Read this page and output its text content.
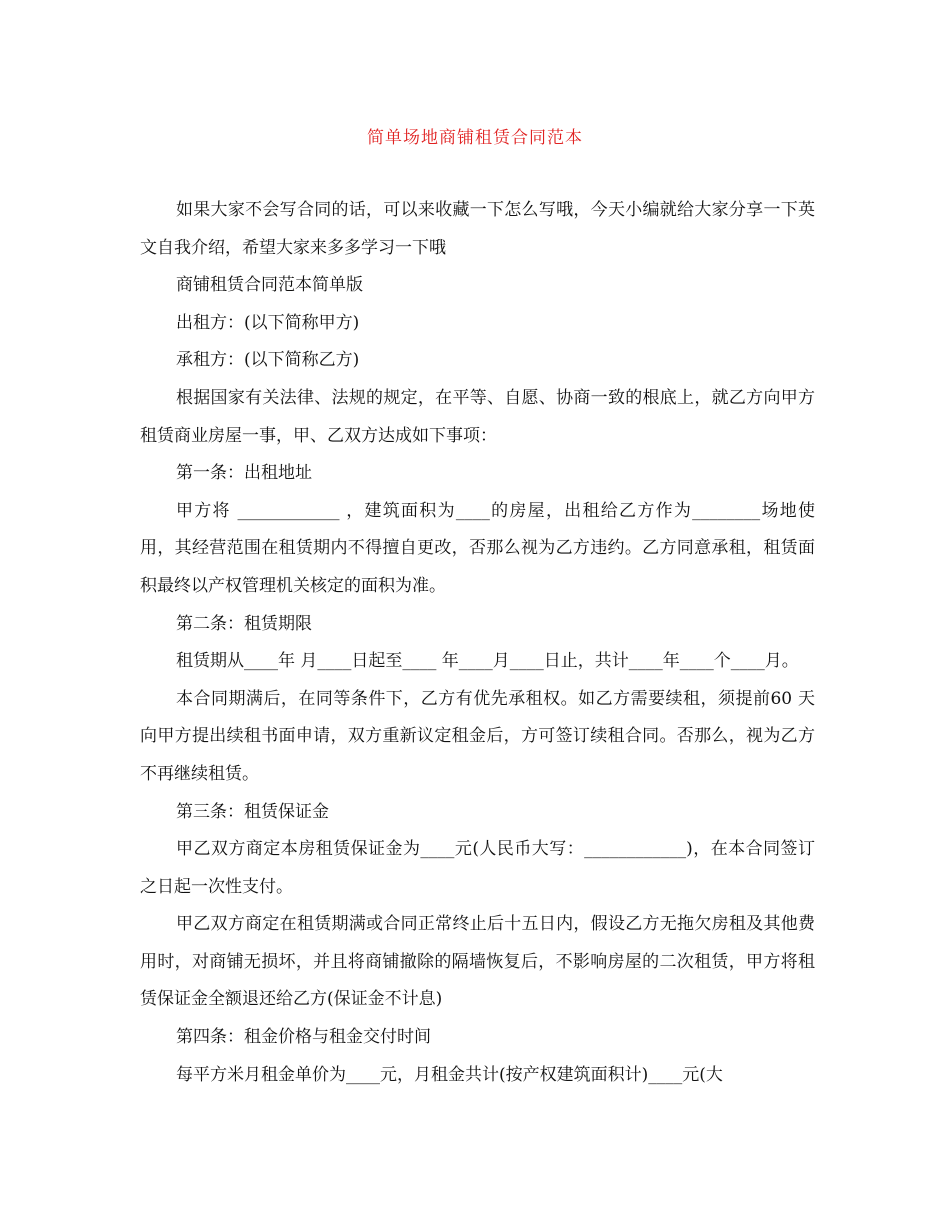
简单场地商铺租赁合同范本

如果大家不会写合同的话，可以来收藏一下怎么写哦，今天小编就给大家分享一下英文自我介绍，希望大家来多多学习一下哦

商铺租赁合同范本简单版

出租方：(以下简称甲方)

承租方：(以下简称乙方)

根据国家有关法律、法规的规定，在平等、自愿、协商一致的根底上，就乙方向甲方租赁商业房屋一事，甲、乙双方达成如下事项：

第一条：出租地址

甲方将 ____________ ，建筑面积为____的房屋，出租给乙方作为________场地使用，其经营范围在租赁期内不得擅自更改，否那么视为乙方违约。乙方同意承租，租赁面积最终以产权管理机关核定的面积为准。

第二条：租赁期限

租赁期从____年 月____日起至____ 年____月____日止，共计____年____个____月。

本合同期满后，在同等条件下，乙方有优先承租权。如乙方需要续租，须提前60 天向甲方提出续租书面申请，双方重新议定租金后，方可签订续租合同。否那么，视为乙方不再继续租赁。

第三条：租赁保证金

甲乙双方商定本房租赁保证金为____元(人民币大写：____________)，在本合同签订之日起一次性支付。

甲乙双方商定在租赁期满或合同正常终止后十五日内，假设乙方无拖欠房租及其他费用时，对商铺无损坏，并且将商铺撤除的隔墙恢复后，不影响房屋的二次租赁，甲方将租赁保证金全额退还给乙方(保证金不计息)

第四条：租金价格与租金交付时间

每平方米月租金单价为____元，月租金共计(按产权建筑面积计)____元(大
